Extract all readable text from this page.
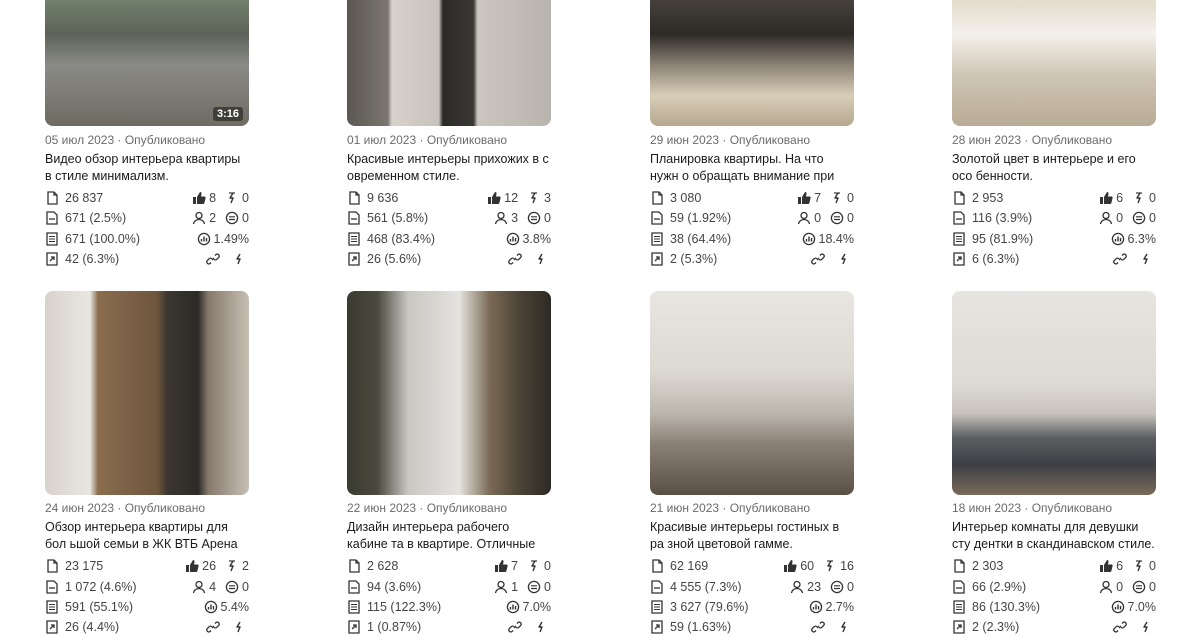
3:16
05 июл 2023 · Опубликовано
Видео обзор интерьера квартиры в стиле минимализм.
26 837	8 0
671 (2.5%)	2 0
671 (100.0%)	1.49%
42 (6.3%)
01 июл 2023 · Опубликовано
Красивые интерьеры прихожих в с овременном стиле.
9 636	12 3
561 (5.8%)	3 0
468 (83.4%)	3.8%
26 (5.6%)
29 июн 2023 · Опубликовано
Планировка квартиры. На что нужн о обращать внимание при
3 080	7 0
59 (1.92%)	0 0
38 (64.4%)	18.4%
2 (5.3%)
28 июн 2023 · Опубликовано
Золотой цвет в интерьере и его осо бенности.
2 953	6 0
116 (3.9%)	0 0
95 (81.9%)	6.3%
6 (6.3%)
24 июн 2023 · Опубликовано
Обзор интерьера квартиры для бол ьшой семьи в ЖК ВТБ Арена
23 175	26 2
1 072 (4.6%)	4 0
591 (55.1%)	5.4%
26 (4.4%)
22 июн 2023 · Опубликовано
Дизайн интерьера рабочего кабине та в квартире. Отличные
2 628	7 0
94 (3.6%)	1 0
115 (122.3%)	7.0%
1 (0.87%)
21 июн 2023 · Опубликовано
Красивые интерьеры гостиных в ра зной цветовой гамме.
62 169	60 16
4 555 (7.3%)	23 0
3 627 (79.6%)	2.7%
59 (1.63%)
18 июн 2023 · Опубликовано
Интерьер комнаты для девушки сту дентки в скандинавском стиле.
2 303	6 0
66 (2.9%)	0 0
86 (130.3%)	7.0%
2 (2.3%)
